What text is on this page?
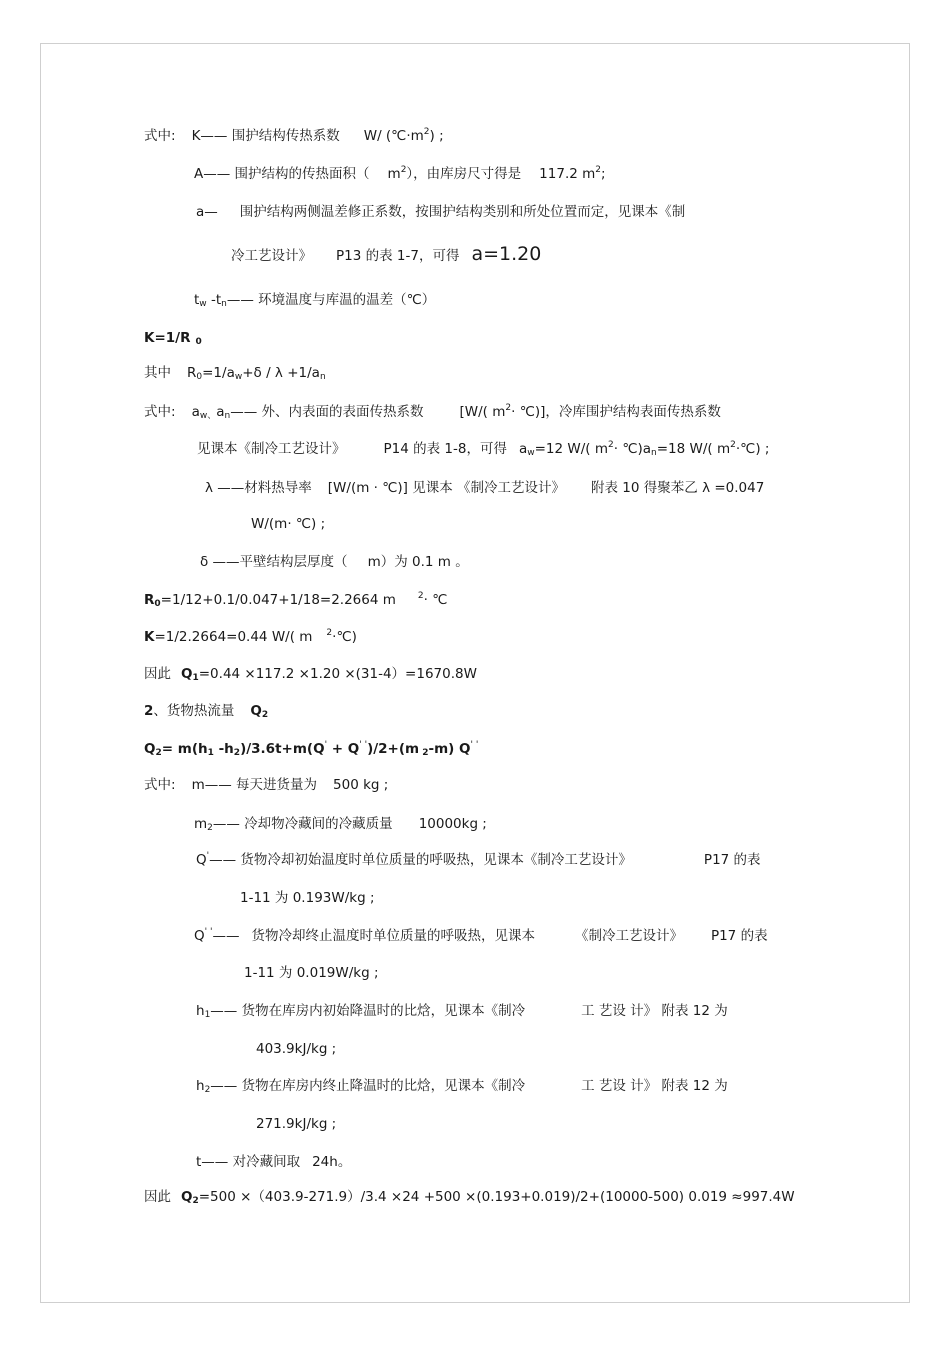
式中: K—— 围护结构传热系数 W/ $(℃\cdot m^2)$ ;
A—— 围护结构的传热面积（ $m^2$），由库房尺寸得是 117.2 $m^2$;
a— 围护结构两侧温差修正系数，按围护结构类别和所处位置而定，见课本《制
冷工艺设计》 P13 的表 1-7，可得 a=1.20
$t_w$ $-t_n——$ 环境温度与库温的温差（℃）
K=1/R $_0$
其中 $R_0=1/a_w+\delta / \lambda +1/a_n$
式中: $a_{w、}a_n——$ 外、内表面的表面传热系数	[W/( $m^2\cdot$ ℃)]，冷库围护结构表面传热系数
见课本《制冷工艺设计》	P14 的表 1-8，可得 $a_w=12$ W/( $m^2\cdot$ $℃)a_n=18$ W/( $m^2\cdot℃$) ;
λ ——材料热导率 [W/(m · ℃)] 见课本 《制冷工艺设计》 附表 10 得聚苯乙 λ =0.047
W/(m· ℃) ;
δ ——平壁结构层厚度（ m）为 0.1 m 。
$R_0=1/12+0.1/0.047+1/18=2.2664$ m $^2$· ℃
K=1/2.2664=0.44 W/( m $^2$·℃)
因此 $Q_1=0.44 \times 117.2 \times 1.20 \times(31-4)=1670.8W$
2、货物热流量 $Q_2$
$Q_2= m(h_1$ $-h_2)/3.6t+m(Q' + Q^{' '})/2+(m$ $_2$-m) Q' '
式中: m—— 每天进货量为 500 kg ;
$m_2——$ 冷却物冷藏间的冷藏质量 10000kg ;
Q'—— 货物冷却初始温度时单位质量的呼吸热，见课本《制冷工艺设计》	P17 的表
1-11 为 0.193W/kg ;
Q' '—— 货物冷却终止温度时单位质量的呼吸热，见课本	《制冷工艺设计》 P17 的表
1-11 为 0.019W/kg ;
$h_1——$ 货物在库房内初始降温时的比焓，见课本《制冷	工 艺设 计》 附表 12 为
403.9kJ/kg ;
$h_2——$ 货物在库房内终止降温时的比焓，见课本《制冷	工 艺设 计》 附表 12 为
271.9kJ/kg ;
t—— 对冷藏间取 24h。
因此 $Q_2=500 \times(403.9-271.9)/3.4 \times 24 +500 \times(0.193+0.019)/2+(10000-500)$ 0.019 ≈997.4W
